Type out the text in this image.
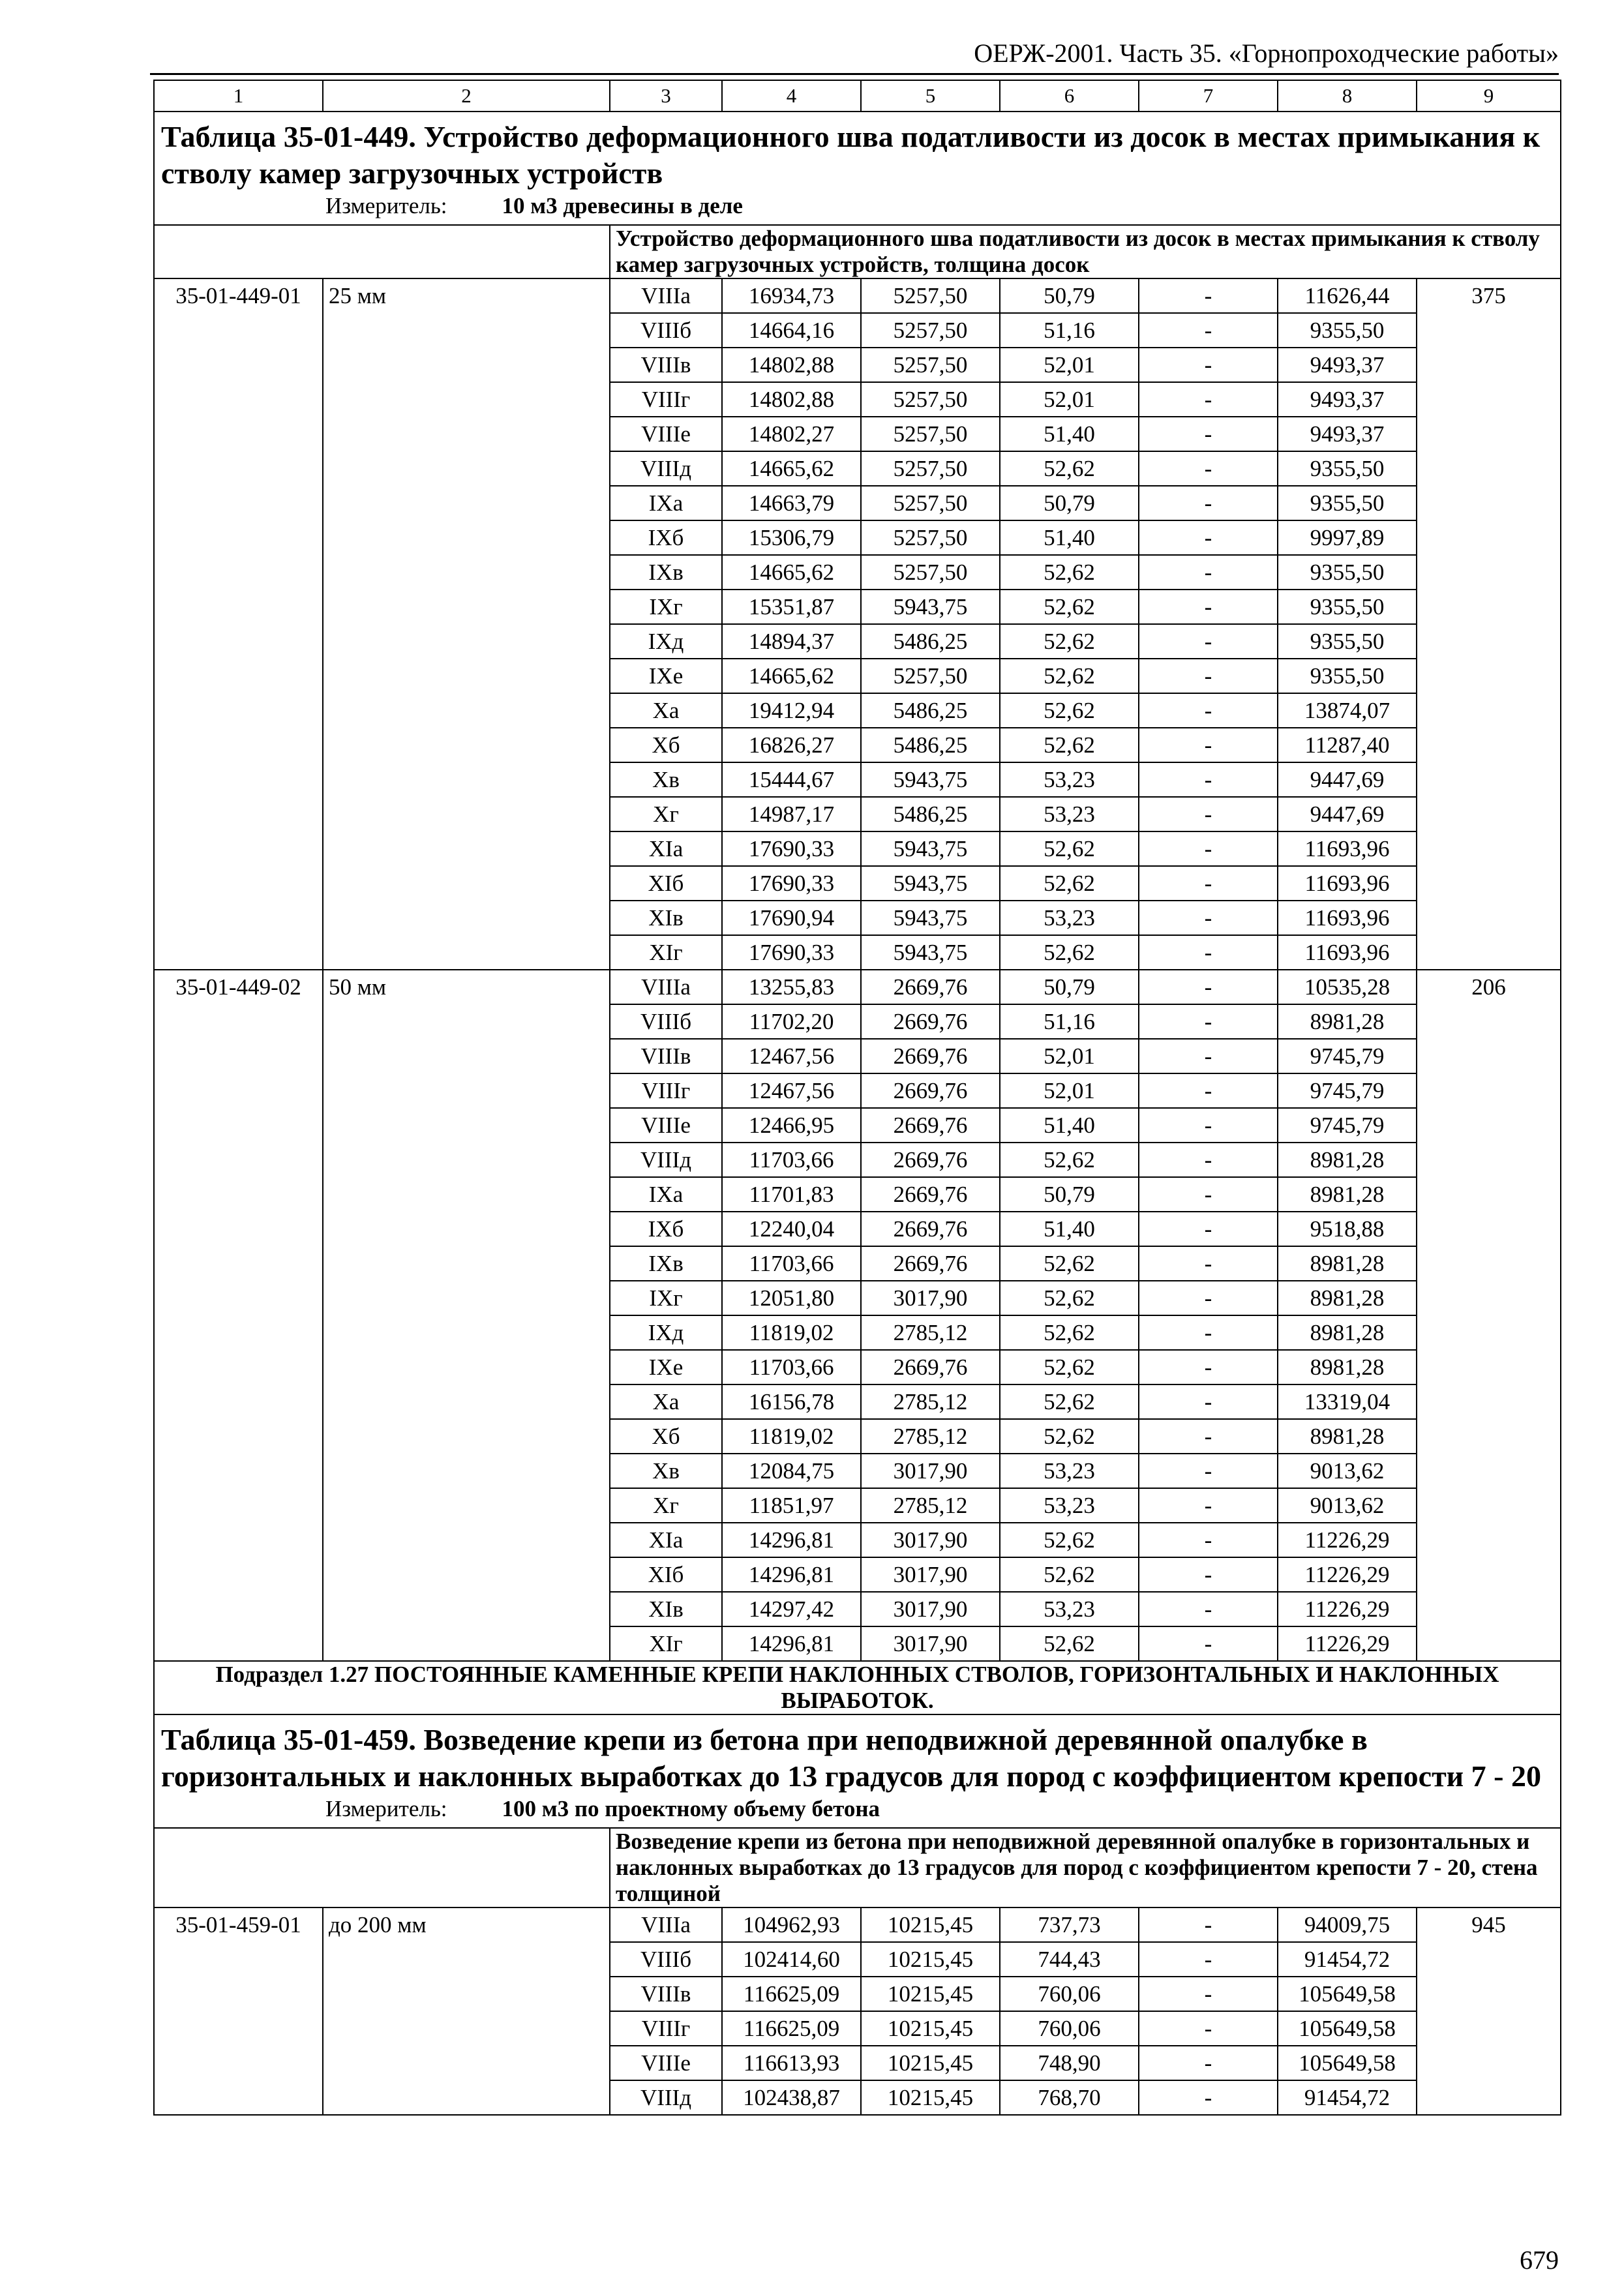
ОЕРЖ-2001. Часть 35. «Горнопроходческие работы»
1	2	3	4	5	6	7	8	9

Таблица 35-01-449. Устройство деформационного шва податливости из досок в местах примыкания к стволу камер загрузочных устройств
Измеритель: 10 м3 древесины в деле								

		Устройство деформационного шва податливости из досок в местах примыкания к стволу камер загрузочных устройств, толщина досок						
35-01-449-01	25 мм	VIIIа	16934,73	5257,50	50,79	-	11626,44	375
		VIIIб	14664,16	5257,50	51,16	-	9355,50	
		VIIIв	14802,88	5257,50	52,01	-	9493,37	
		VIIIг	14802,88	5257,50	52,01	-	9493,37	
		VIIIе	14802,27	5257,50	51,40	-	9493,37	
		VIIIд	14665,62	5257,50	52,62	-	9355,50	
		IXа	14663,79	5257,50	50,79	-	9355,50	
		IXб	15306,79	5257,50	51,40	-	9997,89	
		IXв	14665,62	5257,50	52,62	-	9355,50	
		IXг	15351,87	5943,75	52,62	-	9355,50	
		IXд	14894,37	5486,25	52,62	-	9355,50	
		IXе	14665,62	5257,50	52,62	-	9355,50	
		Xа	19412,94	5486,25	52,62	-	13874,07	
		Xб	16826,27	5486,25	52,62	-	11287,40	
		Xв	15444,67	5943,75	53,23	-	9447,69	
		Xг	14987,17	5486,25	53,23	-	9447,69	
		XIа	17690,33	5943,75	52,62	-	11693,96	
		XIб	17690,33	5943,75	52,62	-	11693,96	
		XIв	17690,94	5943,75	53,23	-	11693,96	
		XIг	17690,33	5943,75	52,62	-	11693,96	
35-01-449-02	50 мм	VIIIа	13255,83	2669,76	50,79	-	10535,28	206
		VIIIб	11702,20	2669,76	51,16	-	8981,28	
		VIIIв	12467,56	2669,76	52,01	-	9745,79	
		VIIIг	12467,56	2669,76	52,01	-	9745,79	
		VIIIе	12466,95	2669,76	51,40	-	9745,79	
		VIIIд	11703,66	2669,76	52,62	-	8981,28	
		IXа	11701,83	2669,76	50,79	-	8981,28	
		IXб	12240,04	2669,76	51,40	-	9518,88	
		IXв	11703,66	2669,76	52,62	-	8981,28	
		IXг	12051,80	3017,90	52,62	-	8981,28	
		IXд	11819,02	2785,12	52,62	-	8981,28	
		IXе	11703,66	2669,76	52,62	-	8981,28	
		Xа	16156,78	2785,12	52,62	-	13319,04	
		Xб	11819,02	2785,12	52,62	-	8981,28	
		Xв	12084,75	3017,90	53,23	-	9013,62	
		Xг	11851,97	2785,12	53,23	-	9013,62	
		XIа	14296,81	3017,90	52,62	-	11226,29	
		XIб	14296,81	3017,90	52,62	-	11226,29	
		XIв	14297,42	3017,90	53,23	-	11226,29	
		XIг	14296,81	3017,90	52,62	-	11226,29	
Подраздел 1.27 ПОСТОЯННЫЕ КАМЕННЫЕ КРЕПИ НАКЛОННЫХ СТВОЛОВ, ГОРИЗОНТАЛЬНЫХ И НАКЛОННЫХ ВЫРАБОТОК.								

Таблица 35-01-459. Возведение крепи из бетона при неподвижной деревянной опалубке в горизонтальных и наклонных выработках до 13 градусов для пород с коэффициентом крепости 7 - 20
Измеритель: 100 м3 по проектному объему бетона								

		Возведение крепи из бетона при неподвижной деревянной опалубке в горизонтальных и наклонных выработках до 13 градусов для пород с коэффициентом крепости 7 - 20, стена толщиной						
35-01-459-01	до 200 мм	VIIIа	104962,93	10215,45	737,73	-	94009,75	945
		VIIIб	102414,60	10215,45	744,43	-	91454,72	
		VIIIв	116625,09	10215,45	760,06	-	105649,58	
		VIIIг	116625,09	10215,45	760,06	-	105649,58	
		VIIIе	116613,93	10215,45	748,90	-	105649,58	
		VIIIд	102438,87	10215,45	768,70	-	91454,72	
679
